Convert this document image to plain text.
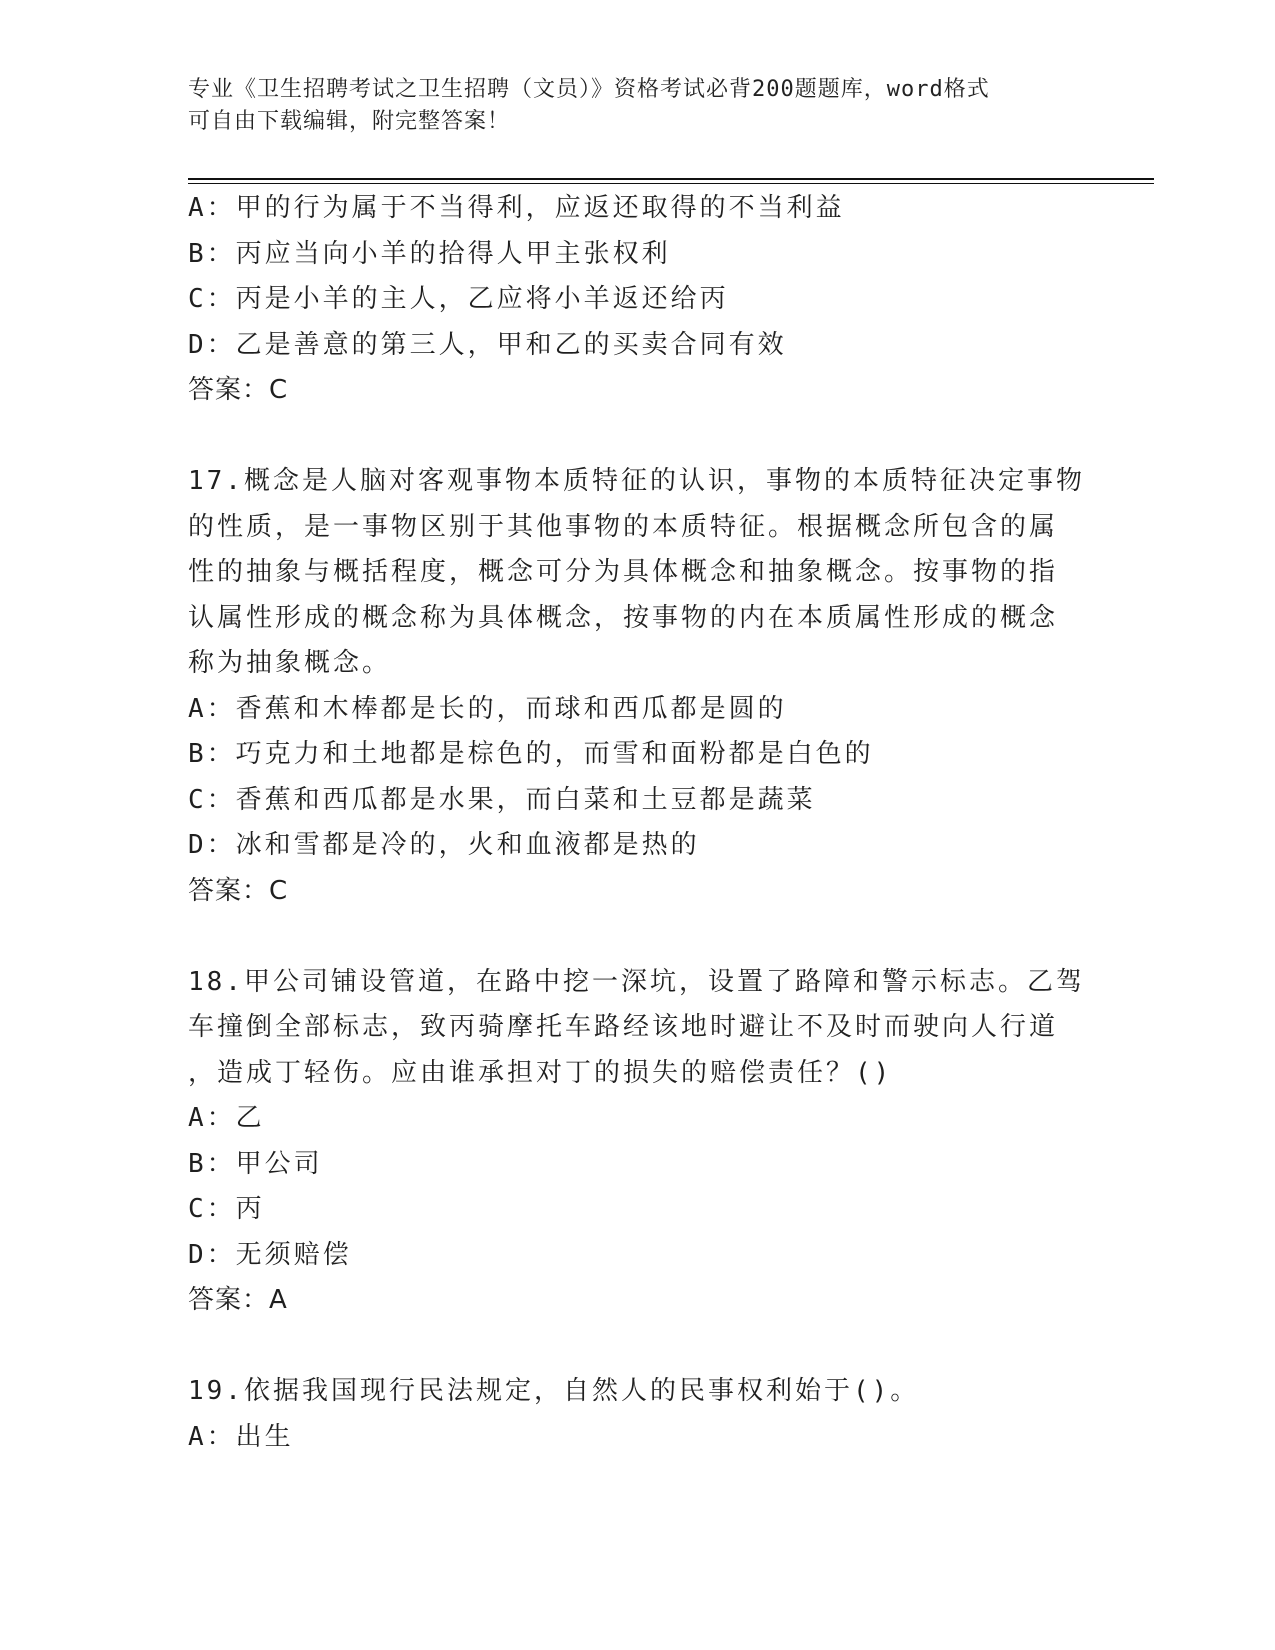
专业《卫生招聘考试之卫生招聘（文员）》资格考试必背200题题库，word格式
可自由下载编辑，附完整答案！
A：甲的行为属于不当得利，应返还取得的不当利益
B：丙应当向小羊的拾得人甲主张权利
C：丙是小羊的主人，乙应将小羊返还给丙
D：乙是善意的第三人，甲和乙的买卖合同有效
答案：C
17.概念是人脑对客观事物本质特征的认识，事物的本质特征决定事物
的性质，是一事物区别于其他事物的本质特征。根据概念所包含的属
性的抽象与概括程度，概念可分为具体概念和抽象概念。按事物的指
认属性形成的概念称为具体概念，按事物的内在本质属性形成的概念
称为抽象概念。
A：香蕉和木棒都是长的，而球和西瓜都是圆的
B：巧克力和土地都是棕色的，而雪和面粉都是白色的
C：香蕉和西瓜都是水果，而白菜和土豆都是蔬菜
D：冰和雪都是冷的，火和血液都是热的
答案：C
18.甲公司铺设管道，在路中挖一深坑，设置了路障和警示标志。乙驾
车撞倒全部标志，致丙骑摩托车路经该地时避让不及时而驶向人行道
，造成丁轻伤。应由谁承担对丁的损失的赔偿责任？()
A：乙
B：甲公司
C：丙
D：无须赔偿
答案：A
19.依据我国现行民法规定，自然人的民事权利始于()。
A：出生
